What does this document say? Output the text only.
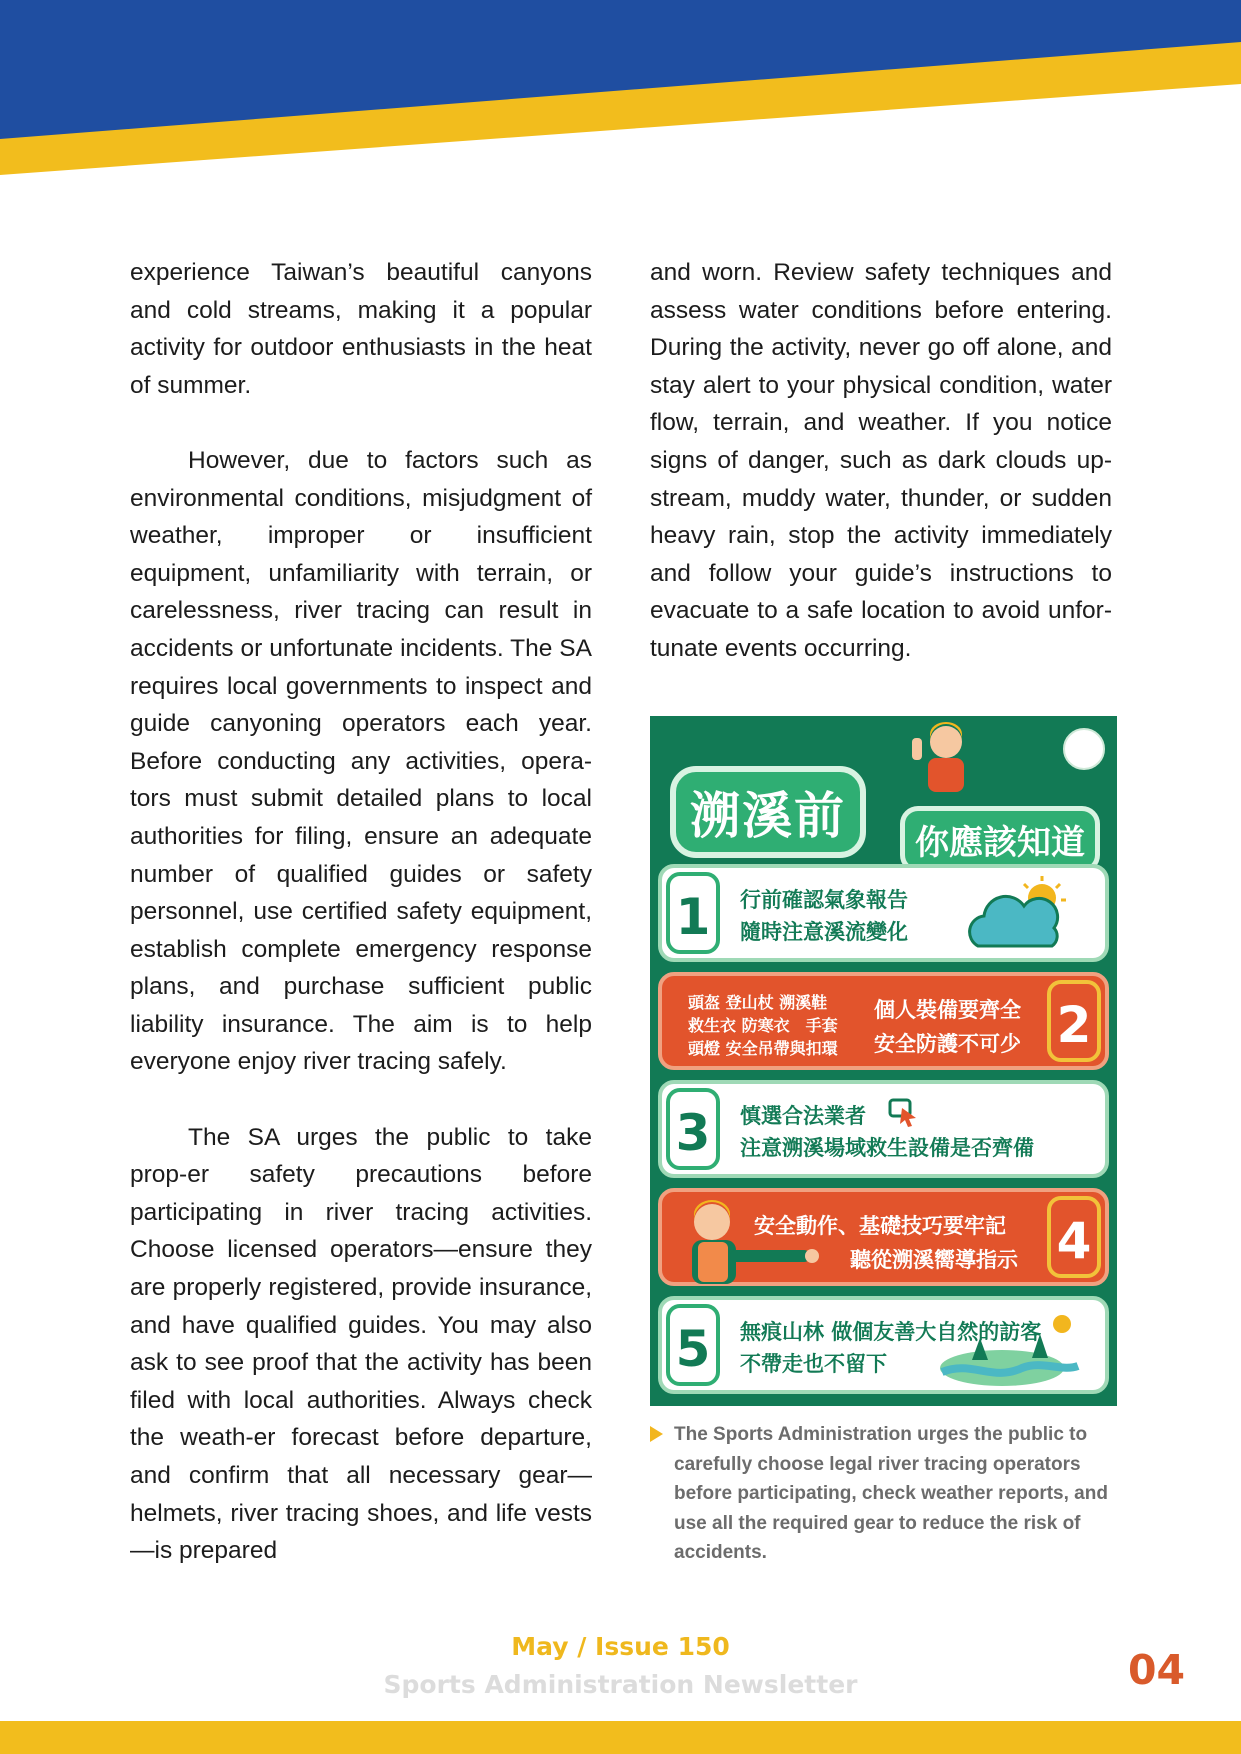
experience Taiwan’s beautiful canyons and cold streams, making it a popular activity for outdoor enthusiasts in the heat of summer.

However, due to factors such as environmental conditions, misjudgment of weather, improper or insufficient equipment, unfamiliarity with terrain, or carelessness, river tracing can result in accidents or unfortunate incidents. The SA requires local governments to inspect and guide canyoning operators each year. Before conducting any activities, opera-tors must submit detailed plans to local authorities for filing, ensure an adequate number of qualified guides or safety personnel, use certified safety equipment, establish complete emergency response plans, and purchase sufficient public liability insurance. The aim is to help everyone enjoy river tracing safely.

The SA urges the public to take prop-er safety precautions before participating in river tracing activities. Choose licensed operators—ensure they are properly registered, provide insurance, and have qualified guides. You may also ask to see proof that the activity has been filed with local authorities. Always check the weath-er forecast before departure, and confirm that all necessary gear—helmets, river tracing shoes, and life vests—is prepared

and worn. Review safety techniques and assess water conditions before entering. During the activity, never go off alone, and stay alert to your physical condition, water flow, terrain, and weather. If you notice signs of danger, such as dark clouds up-stream, muddy water, thunder, or sudden heavy rain, stop the activity immediately and follow your guide’s instructions to evacuate to a safe location to avoid unfor-tunate events occurring.

溯溪前	你應該知道
1	行前確認氣象報告
隨時注意溪流變化
2
頭盔 登山杖 溯溪鞋
救生衣 防寒衣　手套
頭燈 安全吊帶與扣環
個人裝備要齊全
安全防護不可少
3	慎選合法業者
注意溯溪場域救生設備是否齊備
4
安全動作、基礎技巧要牢記
聽從溯溪嚮導指示
5	無痕山林 做個友善大自然的訪客
不帶走也不留下
The Sports Administration urges the public to carefully choose legal river tracing operators before participating, check weather reports, and use all the required gear to reduce the risk of accidents.
May / Issue 150
Sports Administration Newsletter	04
